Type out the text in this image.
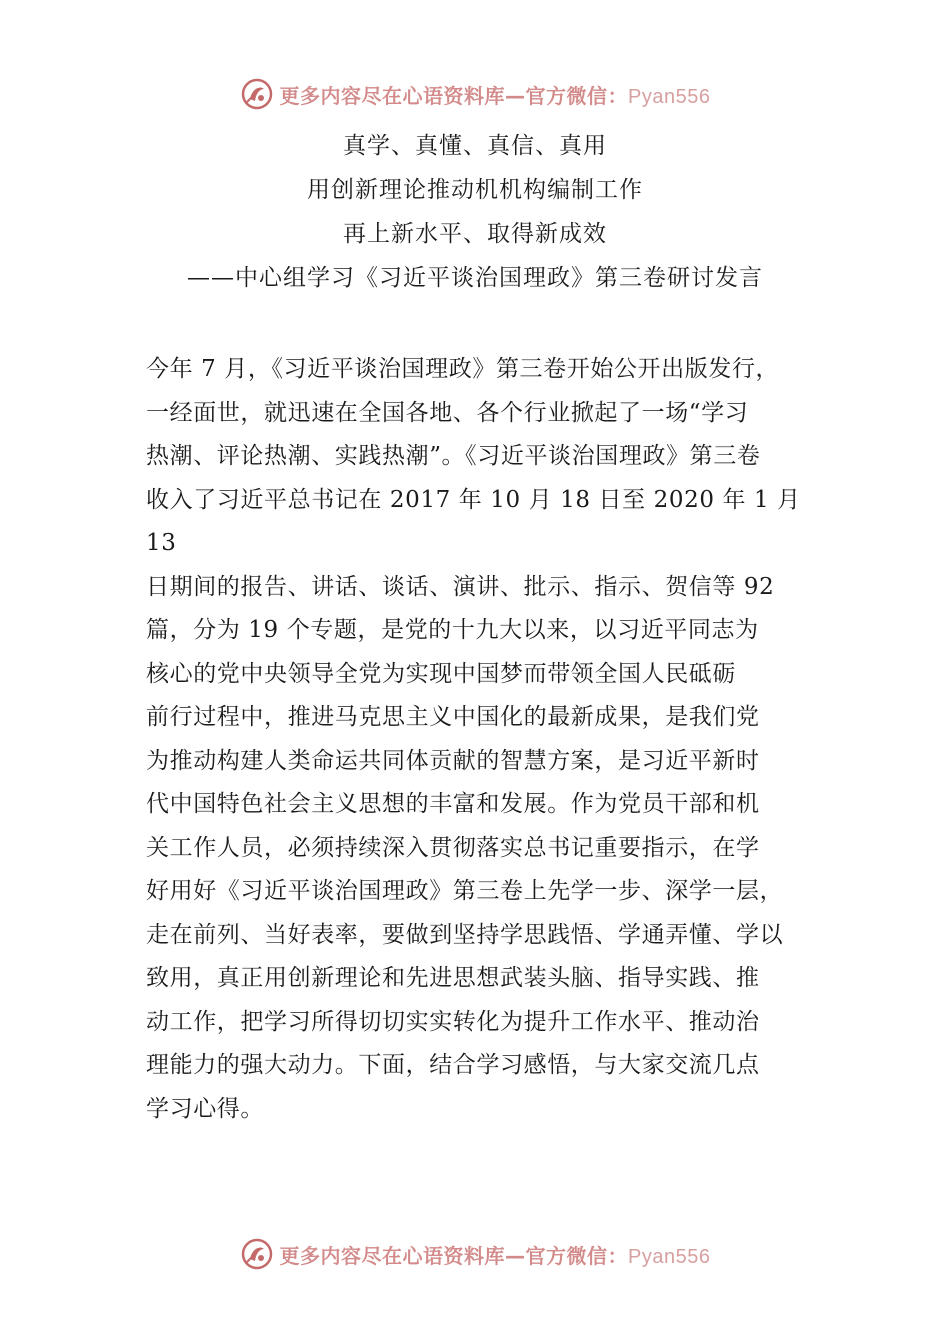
更多内容尽在心语资料库—官方微信：Pyan556
真学、真懂、真信、真用
用创新理论推动机机构编制工作
再上新水平、取得新成效
——中心组学习《习近平谈治国理政》第三卷研讨发言
今年 7 月，《习近平谈治国理政》第三卷开始公开出版发行，
一经面世，就迅速在全国各地、各个行业掀起了一场“学习
热潮、评论热潮、实践热潮”。《习近平谈治国理政》第三卷
收入了习近平总书记在 2017 年 10 月 18 日至 2020 年 1 月
13
日期间的报告、讲话、谈话、演讲、批示、指示、贺信等 92
篇，分为 19 个专题，是党的十九大以来，以习近平同志为
核心的党中央领导全党为实现中国梦而带领全国人民砥砺
前行过程中，推进马克思主义中国化的最新成果，是我们党
为推动构建人类命运共同体贡献的智慧方案，是习近平新时
代中国特色社会主义思想的丰富和发展。作为党员干部和机
关工作人员，必须持续深入贯彻落实总书记重要指示，在学
好用好《习近平谈治国理政》第三卷上先学一步、深学一层，
走在前列、当好表率，要做到坚持学思践悟、学通弄懂、学以
致用，真正用创新理论和先进思想武装头脑、指导实践、推
动工作，把学习所得切切实实转化为提升工作水平、推动治
理能力的强大动力。下面，结合学习感悟，与大家交流几点
学习心得。
更多内容尽在心语资料库—官方微信：Pyan556
